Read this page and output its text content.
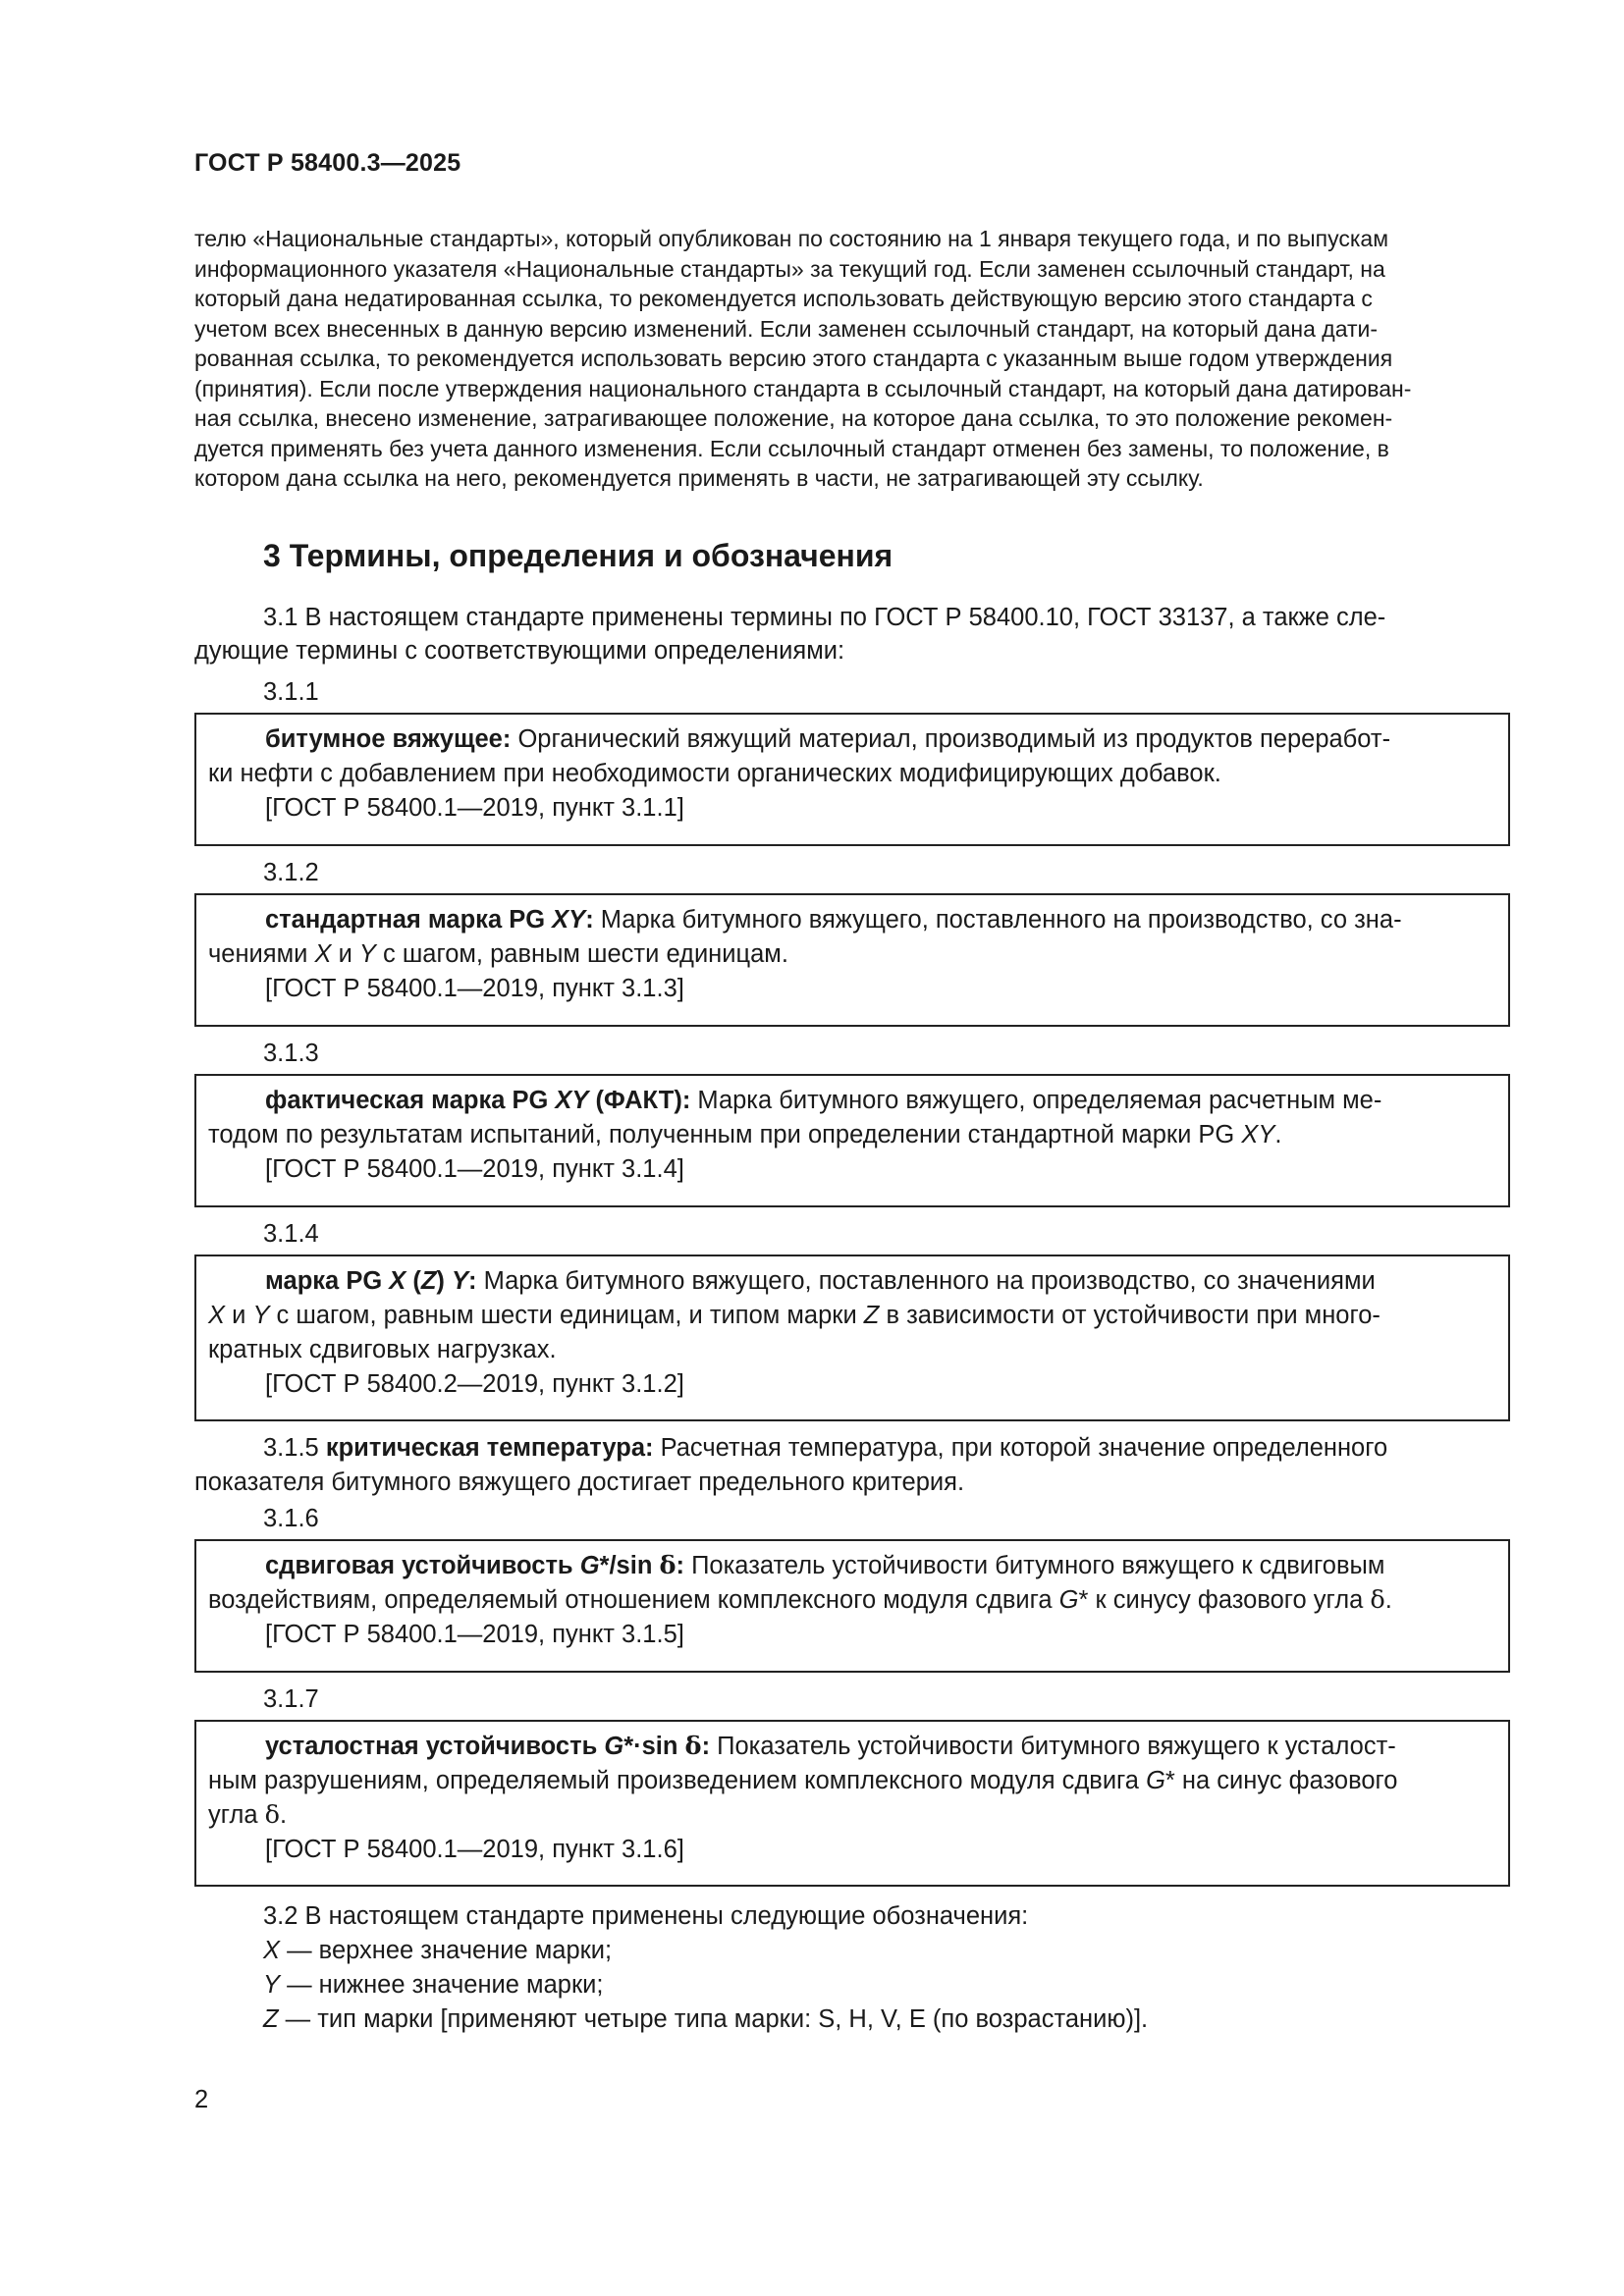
ГОСТ Р 58400.3—2025
телю «Национальные стандарты», который опубликован по состоянию на 1 января текущего года, и по выпускам
информационного указателя «Национальные стандарты» за текущий год. Если заменен ссылочный стандарт, на
который дана недатированная ссылка, то рекомендуется использовать действующую версию этого стандарта с
учетом всех внесенных в данную версию изменений. Если заменен ссылочный стандарт, на который дана дати-
рованная ссылка, то рекомендуется использовать версию этого стандарта с указанным выше годом утверждения
(принятия). Если после утверждения национального стандарта в ссылочный стандарт, на который дана датирован-
ная ссылка, внесено изменение, затрагивающее положение, на которое дана ссылка, то это положение рекомен-
дуется применять без учета данного изменения. Если ссылочный стандарт отменен без замены, то положение, в
котором дана ссылка на него, рекомендуется применять в части, не затрагивающей эту ссылку.
3 Термины, определения и обозначения
3.1 В настоящем стандарте применены термины по ГОСТ Р 58400.10, ГОСТ 33137, а также сле-
дующие термины с соответствующими определениями:
3.1.1
битумное вяжущее: Органический вяжущий материал, производимый из продуктов переработ-
ки нефти с добавлением при необходимости органических модифицирующих добавок.
[ГОСТ Р 58400.1—2019, пункт 3.1.1]
3.1.2
стандартная марка PG XY: Марка битумного вяжущего, поставленного на производство, со зна-
чениями X и Y с шагом, равным шести единицам.
[ГОСТ Р 58400.1—2019, пункт 3.1.3]
3.1.3
фактическая марка PG XY (ФАКТ): Марка битумного вяжущего, определяемая расчетным ме-
тодом по результатам испытаний, полученным при определении стандартной марки PG XY.
[ГОСТ Р 58400.1—2019, пункт 3.1.4]
3.1.4
марка PG X (Z) Y: Марка битумного вяжущего, поставленного на производство, со значениями
X и Y с шагом, равным шести единицам, и типом марки Z в зависимости от устойчивости при много-
кратных сдвиговых нагрузках.
[ГОСТ Р 58400.2—2019, пункт 3.1.2]
3.1.5 критическая температура: Расчетная температура, при которой значение определенного
показателя битумного вяжущего достигает предельного критерия.
3.1.6
сдвиговая устойчивость G*/sin δ: Показатель устойчивости битумного вяжущего к сдвиговым
воздействиям, определяемый отношением комплексного модуля сдвига G* к синусу фазового угла δ.
[ГОСТ Р 58400.1—2019, пункт 3.1.5]
3.1.7
усталостная устойчивость G*·sin δ: Показатель устойчивости битумного вяжущего к усталост-
ным разрушениям, определяемый произведением комплексного модуля сдвига G* на синус фазового
угла δ.
[ГОСТ Р 58400.1—2019, пункт 3.1.6]
3.2 В настоящем стандарте применены следующие обозначения:
X — верхнее значение марки;
Y — нижнее значение марки;
Z — тип марки [применяют четыре типа марки: S, H, V, E (по возрастанию)].
2
